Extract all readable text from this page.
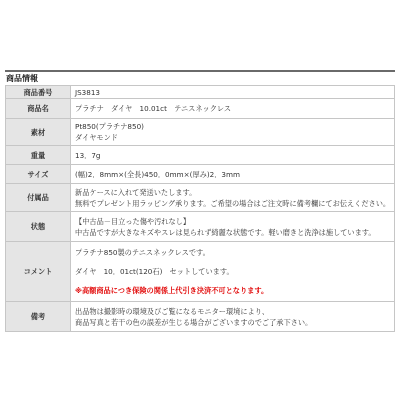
商品情報
商品番号	JS3813
商品名	プラチナ　ダイヤ　10.01ct　テニスネックレス
素材	Pt850(プラチナ850)
ダイヤモンド

重量	13．7g
サイズ	(幅)2．8mm×(全長)450．0mm×(厚み)2．3mm
付属品	新品ケースに入れて発送いたします。
無料でプレゼント用ラッピング承ります。ご希望の場合はご注文時に備考欄にてお伝えください。

状態	【中古品－目立った傷や汚れなし】
中古品ですが大きなキズやスレは見られず綺麗な状態です。軽い磨きと洗浄は施しています。

コメント	プラチナ850製のテニスネックレスです。
ダイヤ　10．01ct(120石)　セットしています。
※高額商品につき保険の関係上代引き決済不可となります。

備考	出品物は撮影時の環境及びご覧になるモニター環境により、
商品写真と若干の色の誤差が生じる場合がございますのでご了承下さい。
